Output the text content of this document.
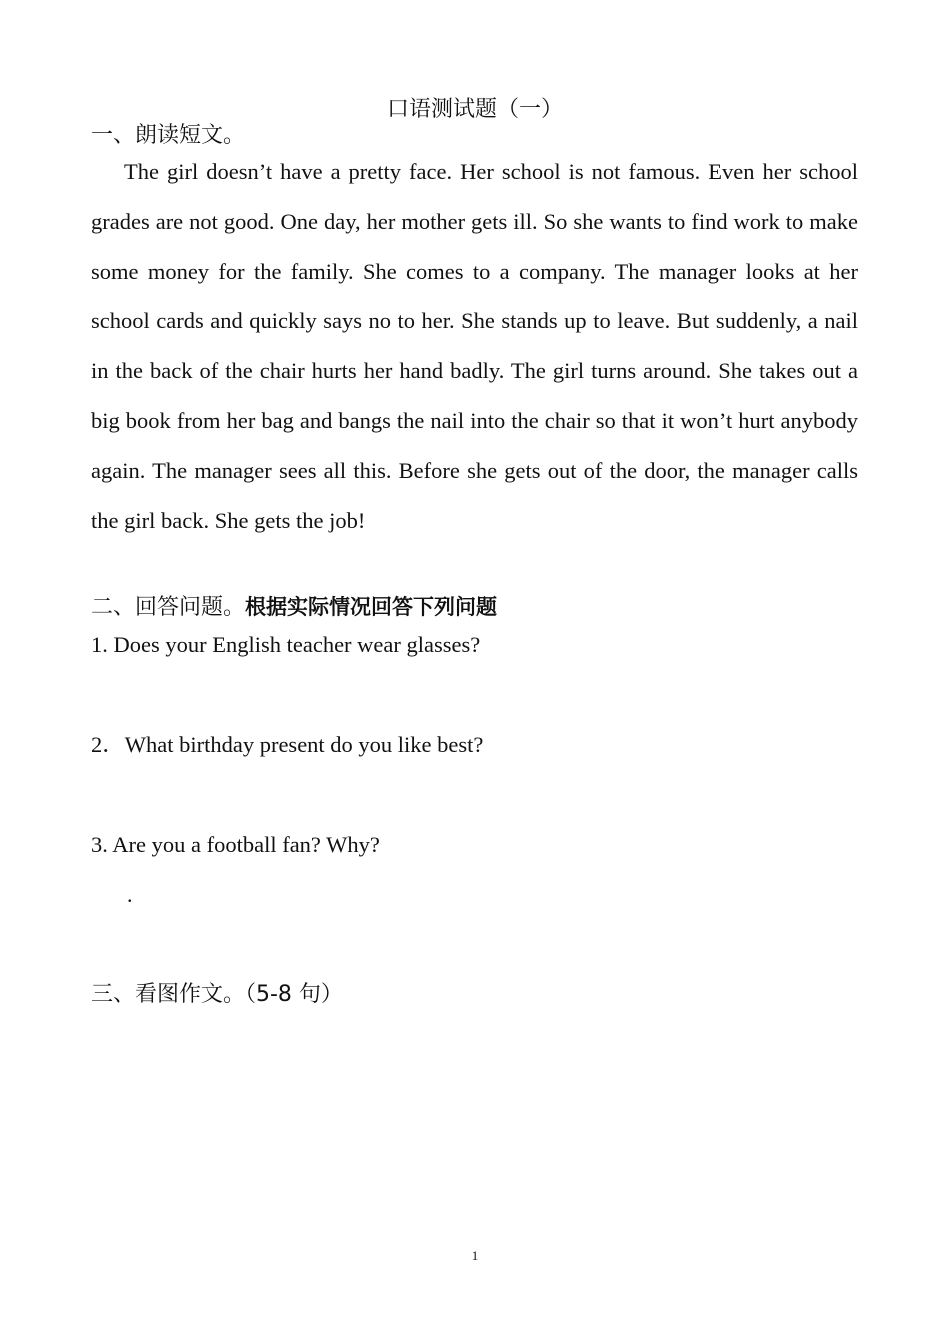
口语测试题（一）
一、朗读短文。

The girl doesn’t have a pretty face. Her school is not famous. Even her school grades are not good. One day, her mother gets ill. So she wants to find work to make some money for the family. She comes to a company. The manager looks at her school cards and quickly says no to her. She stands up to leave. But suddenly, a nail in the back of the chair hurts her hand badly. The girl turns around. She takes out a big book from her bag and bangs the nail into the chair so that it won’t hurt anybody again. The manager sees all this. Before she gets out of the door, the manager calls the girl back. She gets the job!

二、回答问题。根据实际情况回答下列问题
1. Does your English teacher wear glasses?
2．What birthday present do you like best?
3. Are you a football fan? Why?
.
三、看图作文。（5-8 句）
1
